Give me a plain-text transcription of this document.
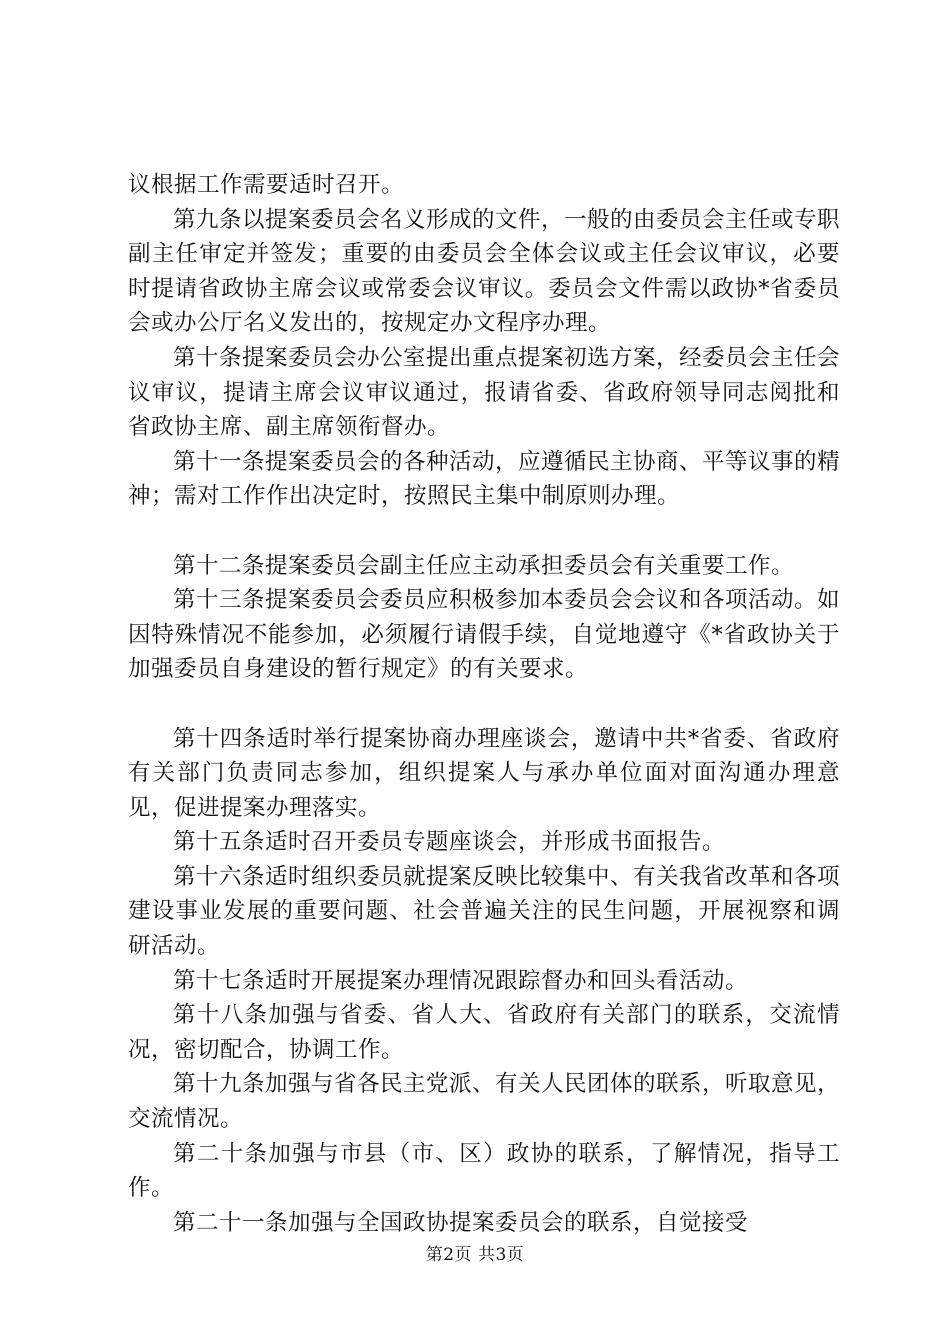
议根据工作需要适时召开。

第九条以提案委员会名义形成的文件，一般的由委员会主任或专职副主任审定并签发；重要的由委员会全体会议或主任会议审议，必要时提请省政协主席会议或常委会议审议。委员会文件需以政协*省委员会或办公厅名义发出的，按规定办文程序办理。

第十条提案委员会办公室提出重点提案初选方案，经委员会主任会议审议，提请主席会议审议通过，报请省委、省政府领导同志阅批和省政协主席、副主席领衔督办。

第十一条提案委员会的各种活动，应遵循民主协商、平等议事的精神；需对工作作出决定时，按照民主集中制原则办理。

第十二条提案委员会副主任应主动承担委员会有关重要工作。

第十三条提案委员会委员应积极参加本委员会会议和各项活动。如因特殊情况不能参加，必须履行请假手续，自觉地遵守《*省政协关于加强委员自身建设的暂行规定》的有关要求。

第十四条适时举行提案协商办理座谈会，邀请中共*省委、省政府有关部门负责同志参加，组织提案人与承办单位面对面沟通办理意见，促进提案办理落实。

第十五条适时召开委员专题座谈会，并形成书面报告。

第十六条适时组织委员就提案反映比较集中、有关我省改革和各项建设事业发展的重要问题、社会普遍关注的民生问题，开展视察和调研活动。

第十七条适时开展提案办理情况跟踪督办和回头看活动。

第十八条加强与省委、省人大、省政府有关部门的联系，交流情况，密切配合，协调工作。

第十九条加强与省各民主党派、有关人民团体的联系，听取意见，交流情况。

第二十条加强与市县（市、区）政协的联系，了解情况，指导工作。

第二十一条加强与全国政协提案委员会的联系，自觉接受

第2页 共3页
